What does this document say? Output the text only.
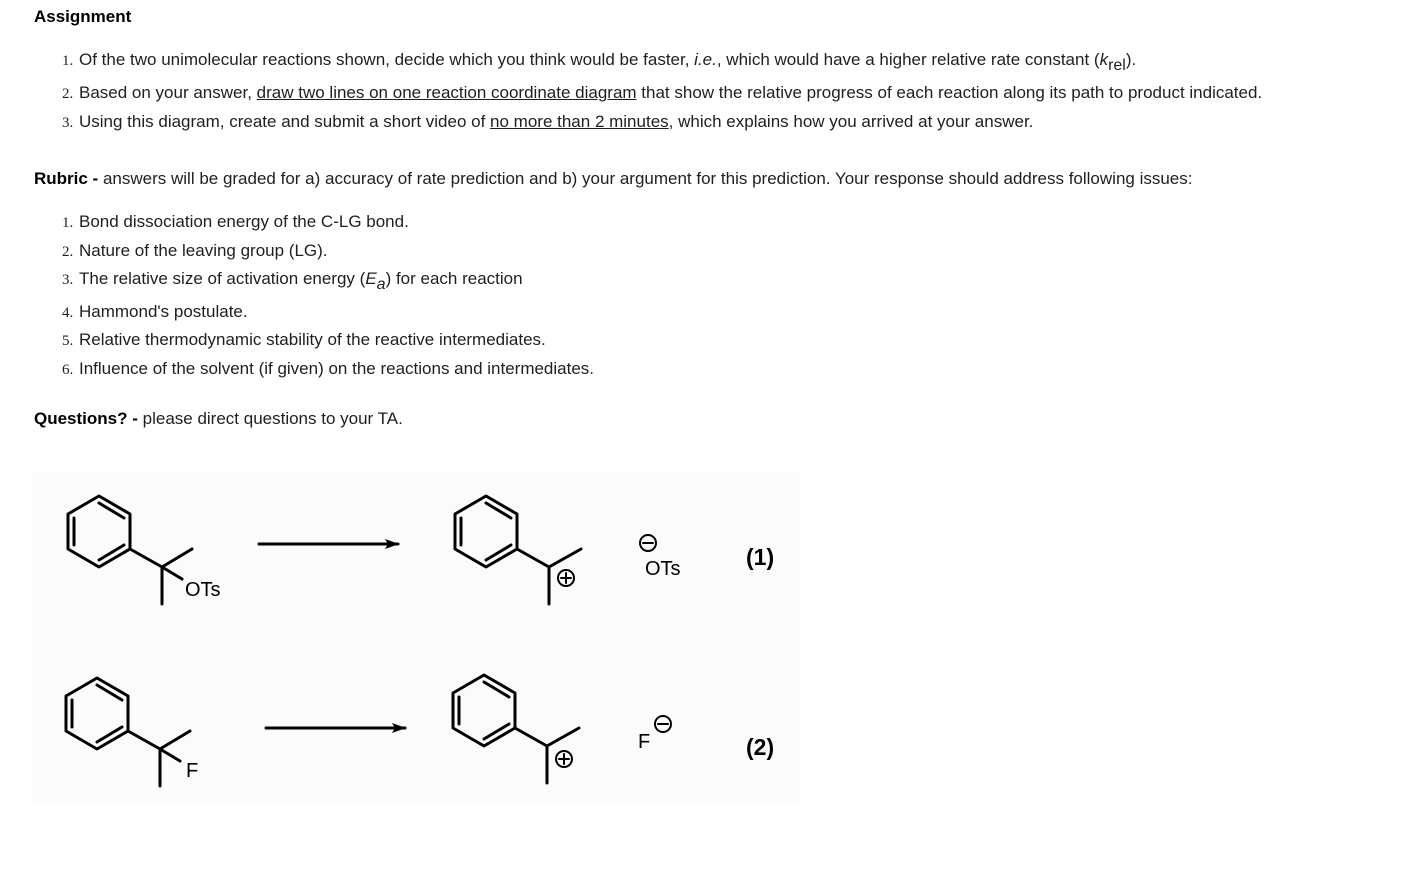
Assignment
1. Of the two unimolecular reactions shown, decide which you think would be faster, i.e., which would have a higher relative rate constant $(k_{rel})$.
2. Based on your answer, draw two lines on one reaction coordinate diagram that show the relative progress of each reaction along its path to product indicated.
3. Using this diagram, create and submit a short video of no more than 2 minutes, which explains how you arrived at your answer.
Rubric - answers will be graded for a) accuracy of rate prediction and b) your argument for this prediction. Your response should address following issues:
1. Bond dissociation energy of the C-LG bond.
2. Nature of the leaving group (LG).
3. The relative size of activation energy $(E_a)$ for each reaction
4. Hammond's postulate.
5. Relative thermodynamic stability of the reactive intermediates.
6. Influence of the solvent (if given) on the reactions and intermediates.
Questions? - please direct questions to your TA.
OTs
OTs	(1)
F
F	(2)
